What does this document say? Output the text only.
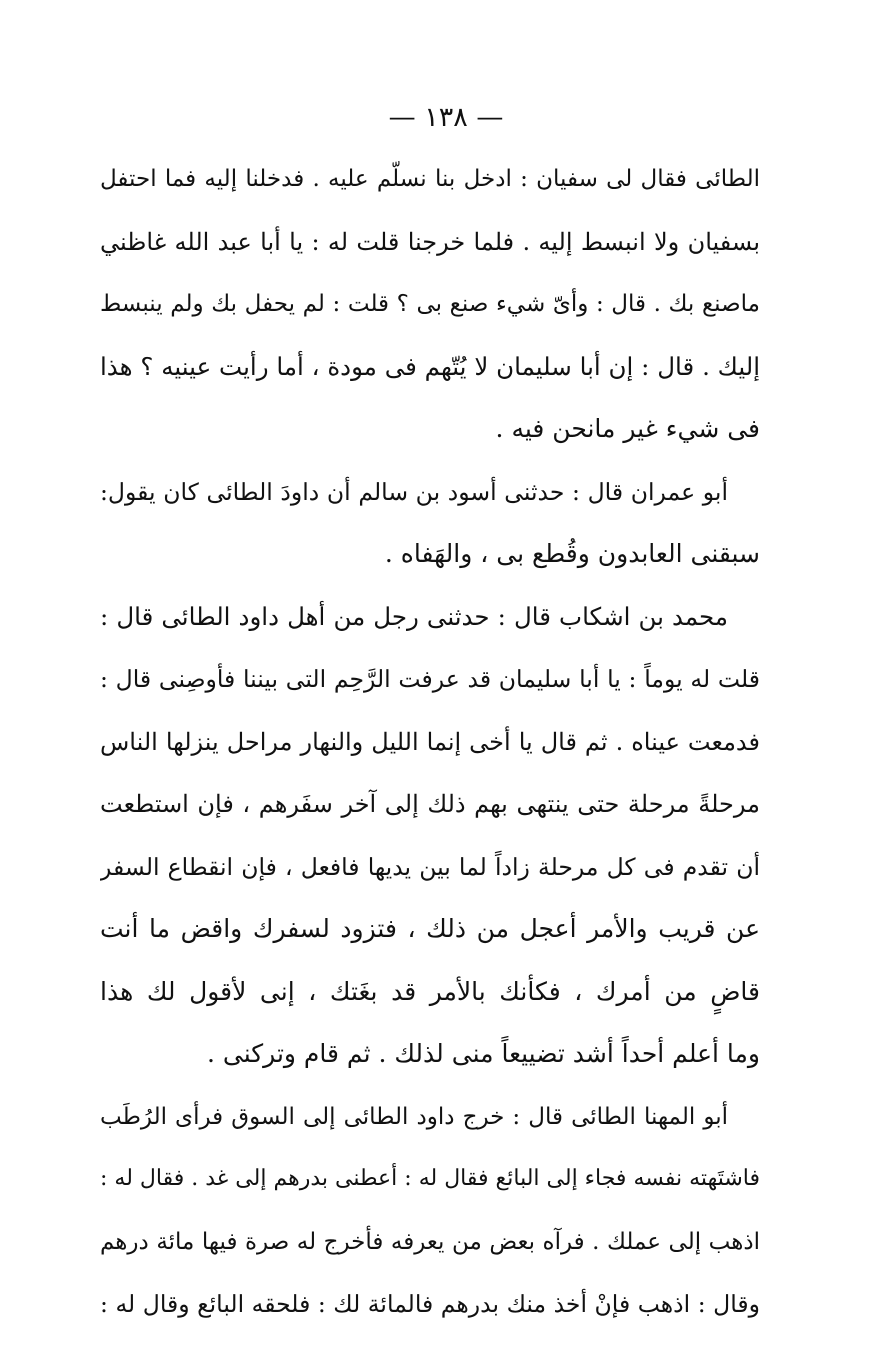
— ١٣٨ —
الطائى فقال لى سفيان : ادخل بنا نسلّم عليه . فدخلنا إليه فما احتفل
بسفيان ولا انبسط إليه . فلما خرجنا قلت له : يا أبا عبد الله غاظني
ماصنع بك . قال : وأىّ شيء صنع بى ؟ قلت : لم يحفل بك ولم ينبسط
إليك . قال : إن أبا سليمان لا يُتّهم فى مودة ، أما رأيت عينيه ؟ هذا
فى شيء غير مانحن فيه .
أبو عمران قال : حدثنى أسود بن سالم أن داودَ الطائى كان يقول:
سبقنى العابدون وقُطع بى ، والهَفاه .
محمد بن اشكاب قال : حدثنى رجل من أهل داود الطائى قال :
قلت له يوماً : يا أبا سليمان قد عرفت الرَّحِم التى بيننا فأوصِنى قال :
فدمعت عيناه . ثم قال يا أخى إنما الليل والنهار مراحل ينزلها الناس
مرحلةً مرحلة حتى ينتهى بهم ذلك إلى آخر سفَرهم ، فإن استطعت
أن تقدم فى كل مرحلة زاداً لما بين يديها فافعل ، فإن انقطاع السفر
عن قريب والأمر أعجل من ذلك ، فتزود لسفرك واقض ما أنت
قاضٍ من أمرك ، فكأنك بالأمر قد بغَتك ، إنى لأقول لك هذا
وما أعلم أحداً أشد تضييعاً منى لذلك . ثم قام وتركنى .
أبو المهنا الطائى قال : خرج داود الطائى إلى السوق فرأى الرُطَب
فاشتَهته نفسه فجاء إلى البائع فقال له : أعطنى بدرهم إلى غد . فقال له :
اذهب إلى عملك . فرآه بعض من يعرفه فأخرج له صرة فيها مائة درهم
وقال : اذهب فإنْ أخذ منك بدرهم فالمائة لك : فلحقه البائع وقال له :
